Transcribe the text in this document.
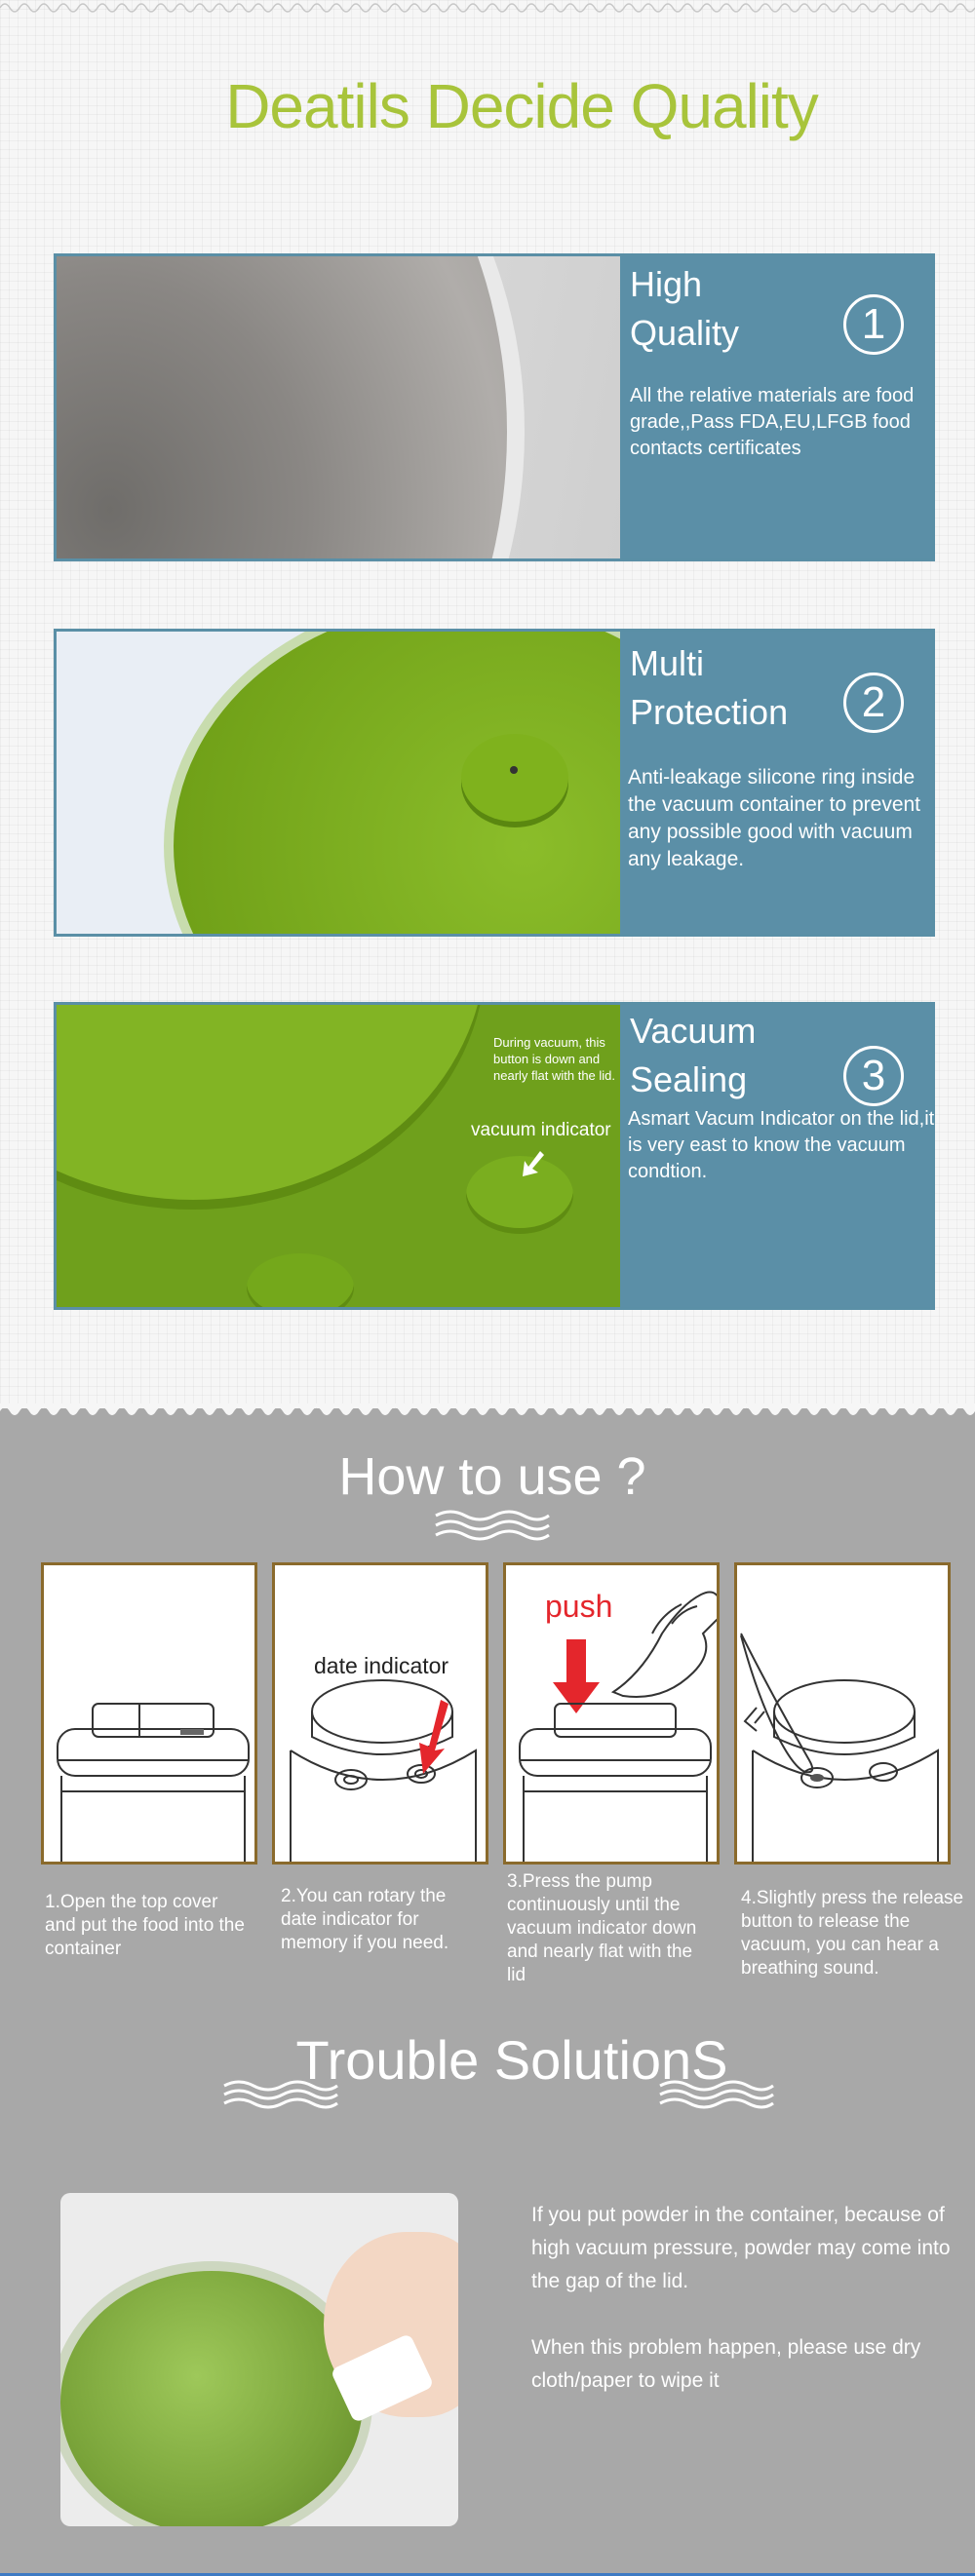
Deatils Decide Quality
High
Quality	1
All the relative materials are food grade,,Pass FDA,EU,LFGB food contacts certificates
Multi
Protection	2
Anti-leakage silicone ring inside the vacuum container to prevent any possible good with vacuum any leakage.
During vacuum, this button is down and nearly flat with the lid.
vacuum indicator
Vacuum
Sealing	3
Asmart Vacum Indicator on the lid,it is very east to know the vacuum condtion.
How to use ?
date indicator
push
1.Open the top cover and put the food into the container
2.You can rotary the date indicator for memory if you need.
3.Press the pump continuously until the vacuum indicator down and nearly flat with the lid
4.Slightly press the release button to release the vacuum, you can hear a breathing sound.
Trouble SolutionS

If you put powder in the container, because of high vacuum pressure, powder may come into the gap of the lid.

When this problem happen, please use dry cloth/paper to wipe it
